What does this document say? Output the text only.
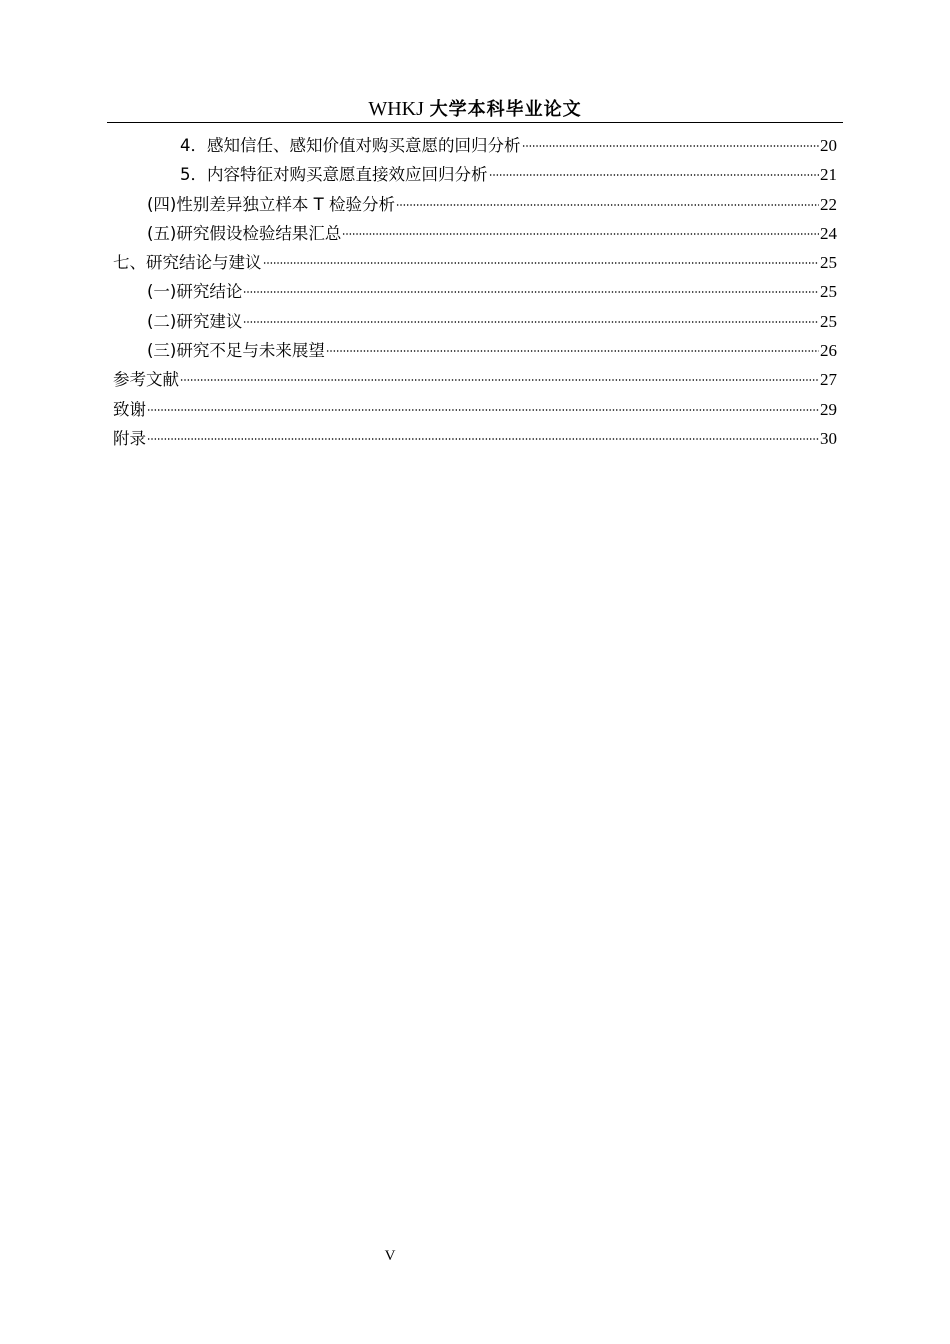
WHKJ 大学本科毕业论文
4．感知信任、感知价值对购买意愿的回归分析	20
5．内容特征对购买意愿直接效应回归分析	21
(四)性别差异独立样本 T 检验分析	22
(五)研究假设检验结果汇总	24
七、研究结论与建议	25
(一)研究结论	25
(二)研究建议	25
(三)研究不足与未来展望	26
参考文献	27
致谢	29
附录	30
V
